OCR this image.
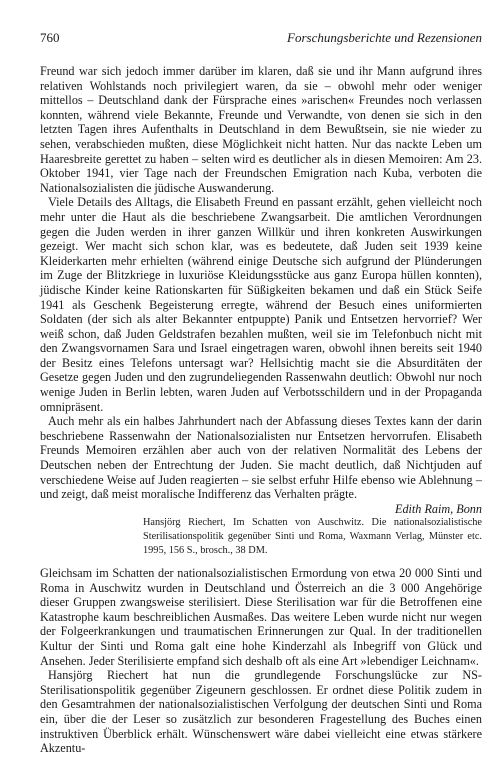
760	Forschungsberichte und Rezensionen

Freund war sich jedoch immer darüber im klaren, daß sie und ihr Mann aufgrund ihres relativen Wohlstands noch privilegiert waren, da sie – obwohl mehr oder weniger mittellos – Deutschland dank der Fürsprache eines »arischen« Freundes noch verlassen konnten, während viele Bekannte, Freunde und Verwandte, von denen sie sich in den letzten Tagen ihres Aufenthalts in Deutschland in dem Bewußtsein, sie nie wieder zu sehen, verabschieden mußten, diese Möglichkeit nicht hatten. Nur das nackte Leben um Haaresbreite gerettet zu haben – selten wird es deutlicher als in diesen Memoiren: Am 23. Oktober 1941, vier Tage nach der Freundschen Emigration nach Kuba, verboten die Nationalsozialisten die jüdische Auswanderung.

Viele Details des Alltags, die Elisabeth Freund en passant erzählt, gehen vielleicht noch mehr unter die Haut als die beschriebene Zwangsarbeit. Die amtlichen Verordnungen gegen die Juden werden in ihrer ganzen Willkür und ihren konkreten Auswirkungen gezeigt. Wer macht sich schon klar, was es bedeutete, daß Juden seit 1939 keine Kleiderkarten mehr erhielten (während einige Deutsche sich aufgrund der Plünderungen im Zuge der Blitzkriege in luxuriöse Kleidungsstücke aus ganz Europa hüllen konnten), jüdische Kinder keine Rationskarten für Süßigkeiten bekamen und daß ein Stück Seife 1941 als Geschenk Begeisterung erregte, während der Besuch eines uniformierten Soldaten (der sich als alter Bekannter entpuppte) Panik und Entsetzen hervorrief? Wer weiß schon, daß Juden Geldstrafen bezahlen mußten, weil sie im Telefonbuch nicht mit den Zwangsvornamen Sara und Israel eingetragen waren, obwohl ihnen bereits seit 1940 der Besitz eines Telefons untersagt war? Hellsichtig macht sie die Absurditäten der Gesetze gegen Juden und den zugrundeliegenden Rassenwahn deutlich: Obwohl nur noch wenige Juden in Berlin lebten, waren Juden auf Verbotsschildern und in der Propaganda omnipräsent.

Auch mehr als ein halbes Jahrhundert nach der Abfassung dieses Textes kann der darin beschriebene Rassenwahn der Nationalsozialisten nur Entsetzen hervorrufen. Elisabeth Freunds Memoiren erzählen aber auch von der relativen Normalität des Lebens der Deutschen neben der Entrechtung der Juden. Sie macht deutlich, daß Nichtjuden auf verschiedene Weise auf Juden reagierten – sie selbst erfuhr Hilfe ebenso wie Ablehnung – und zeigt, daß meist moralische Indifferenz das Verhalten prägte.

Edith Raim, Bonn
Hansjörg Riechert, Im Schatten von Auschwitz. Die nationalsozialistische Sterilisationspolitik gegenüber Sinti und Roma, Waxmann Verlag, Münster etc. 1995, 156 S., brosch., 38 DM.

Gleichsam im Schatten der nationalsozialistischen Ermordung von etwa 20 000 Sinti und Roma in Auschwitz wurden in Deutschland und Österreich an die 3 000 Angehörige dieser Gruppen zwangsweise sterilisiert. Diese Sterilisation war für die Betroffenen eine Katastrophe kaum beschreiblichen Ausmaßes. Das weitere Leben wurde nicht nur wegen der Folgeerkrankungen und traumatischen Erinnerungen zur Qual. In der traditionellen Kultur der Sinti und Roma galt eine hohe Kinderzahl als Inbegriff von Glück und Ansehen. Jeder Sterilisierte empfand sich deshalb oft als eine Art »lebendiger Leichnam«.

Hansjörg Riechert hat nun die grundlegende Forschungslücke zur NS-Sterilisationspolitik gegenüber Zigeunern geschlossen. Er ordnet diese Politik zudem in den Gesamtrahmen der nationalsozialistischen Verfolgung der deutschen Sinti und Roma ein, über die der Leser so zusätzlich zur besonderen Fragestellung des Buches einen instruktiven Überblick erhält. Wünschenswert wäre dabei vielleicht eine etwas stärkere Akzentu-
